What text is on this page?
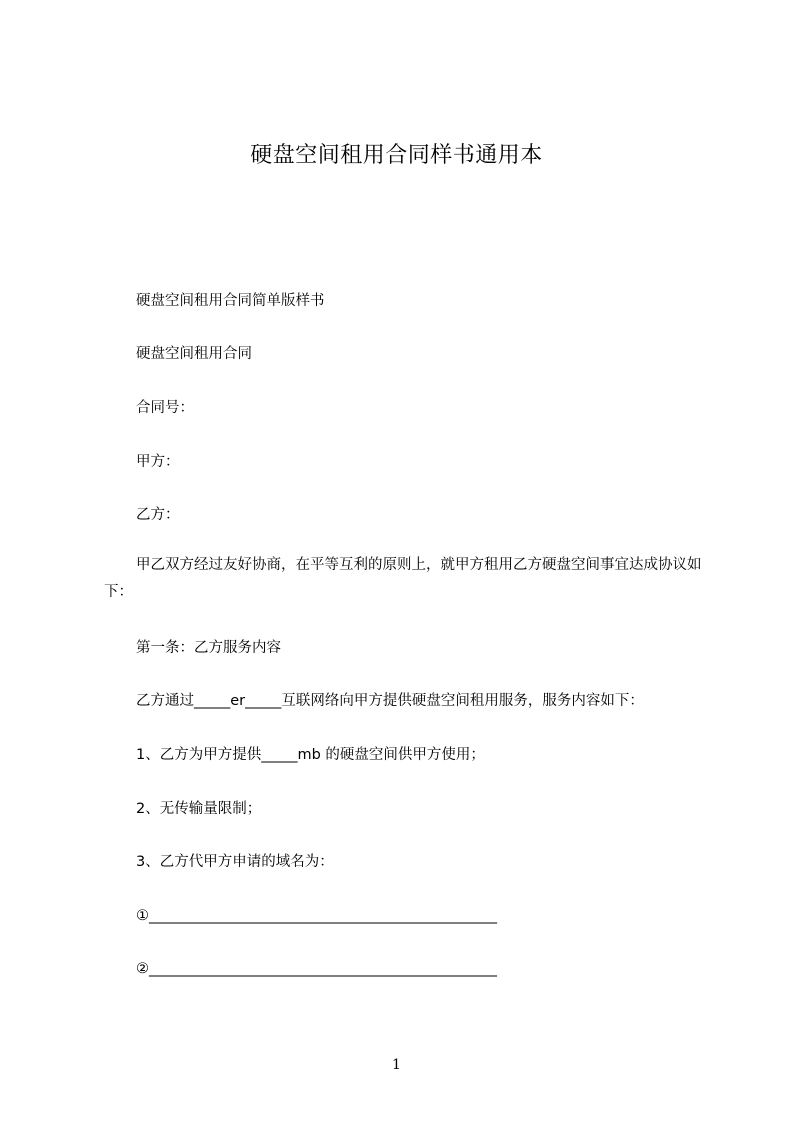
硬盘空间租用合同样书通用本
硬盘空间租用合同简单版样书
硬盘空间租用合同
合同号：
甲方：
乙方：
甲乙双方经过友好协商，在平等互利的原则上，就甲方租用乙方硬盘空间事宜达成协议如下：
第一条：乙方服务内容
乙方通过_____er_____互联网络向甲方提供硬盘空间租用服务，服务内容如下：
1、乙方为甲方提供_____mb 的硬盘空间供甲方使用；
2、无传输量限制；
3、乙方代甲方申请的域名为：
①________________________________________________
②________________________________________________
1
